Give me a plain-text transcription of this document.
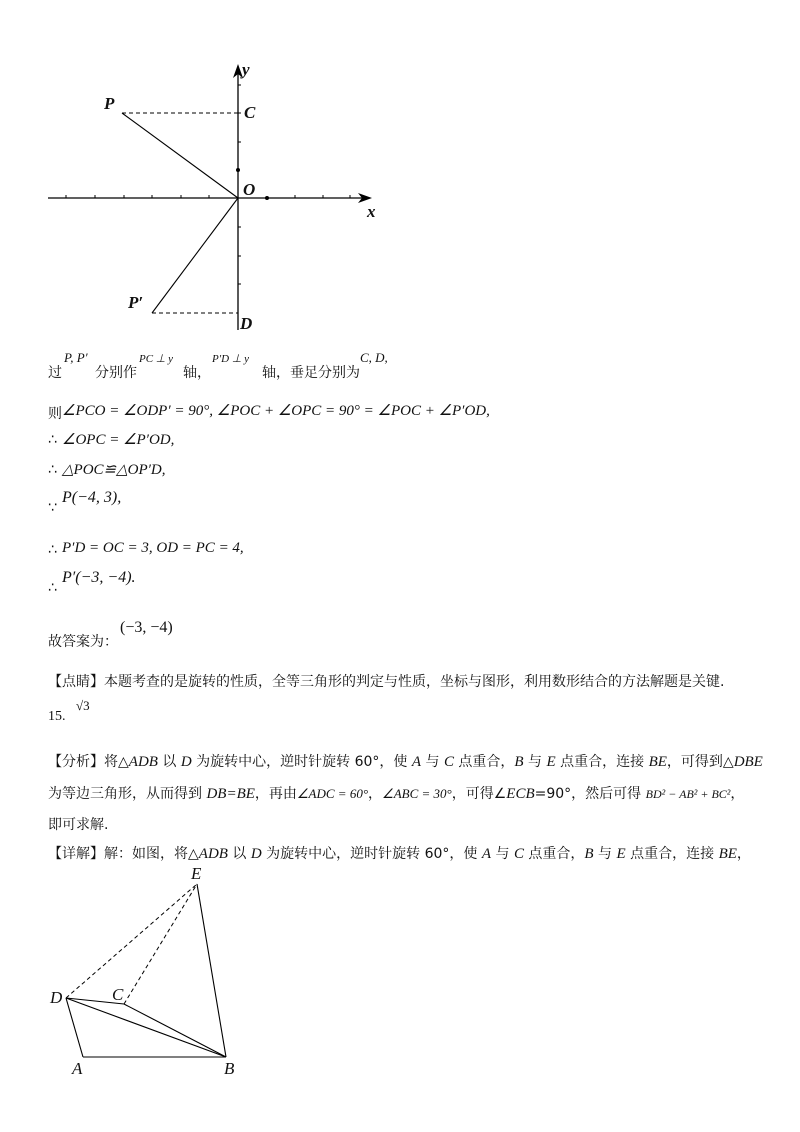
y
x
P	C
O
P′
D
过
P, P′
分别作
PC ⊥ y
轴，
P′D ⊥ y
轴，垂足分别为
C, D,
则 ∠PCO = ∠ODP′ = 90°, ∠POC + ∠OPC = 90° = ∠POC + ∠P′OD,
∴ ∠OPC = ∠P′OD,
∴ △POC≌△OP′D,
∵
P(−4, 3),
∴ P′D = OC = 3, OD = PC = 4,
∴
P′(−3, −4).
故答案为：
(−3, −4)
【点睛】本题考查的是旋转的性质，全等三角形的判定与性质，坐标与图形，利用数形结合的方法解题是关键.
15.
√3
【分析】将△ADB 以 D 为旋转中心，逆时针旋转 60°，使 A 与 C 点重合，B 与 E 点重合，连接 BE，可得到△DBE
为等边三角形，从而得到 DB=BE，再由∠ADC = 60°，∠ABC = 30°，可得∠ECB=90°，然后可得 BD² − AB² + BC²，
即可求解.
【详解】解：如图，将△ADB 以 D 为旋转中心，逆时针旋转 60°，使 A 与 C 点重合，B 与 E 点重合，连接 BE，
E
D	C
A	B
